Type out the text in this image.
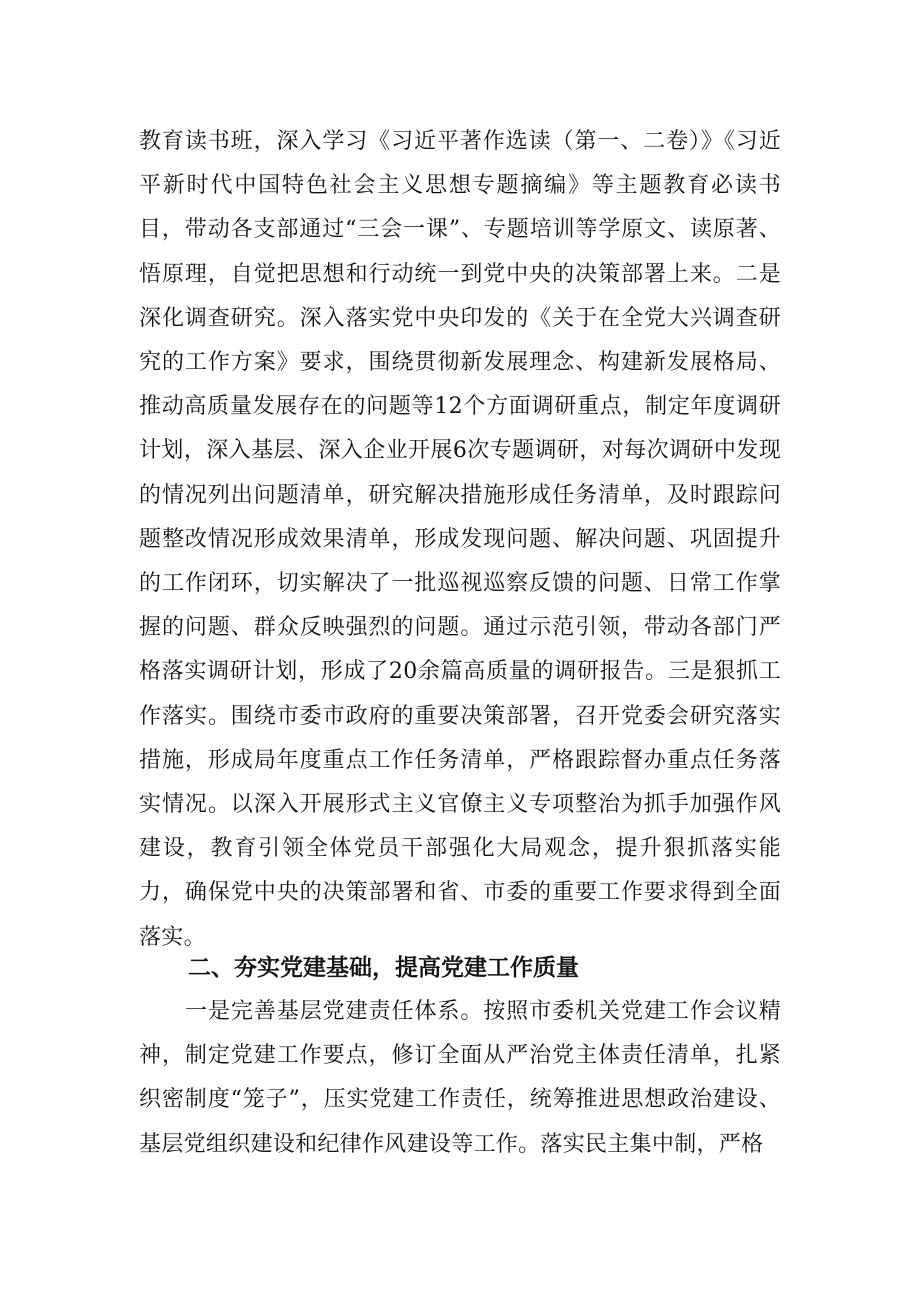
教育读书班，深入学习《习近平著作选读（第一、二卷）》《习近平新时代中国特色社会主义思想专题摘编》等主题教育必读书目，带动各支部通过“三会一课”、专题培训等学原文、读原著、悟原理，自觉把思想和行动统一到党中央的决策部署上来。二是深化调查研究。深入落实党中央印发的《关于在全党大兴调查研究的工作方案》要求，围绕贯彻新发展理念、构建新发展格局、推动高质量发展存在的问题等12个方面调研重点，制定年度调研计划，深入基层、深入企业开展6次专题调研，对每次调研中发现的情况列出问题清单，研究解决措施形成任务清单，及时跟踪问题整改情况形成效果清单，形成发现问题、解决问题、巩固提升的工作闭环，切实解决了一批巡视巡察反馈的问题、日常工作掌握的问题、群众反映强烈的问题。通过示范引领，带动各部门严格落实调研计划，形成了20余篇高质量的调研报告。三是狠抓工作落实。围绕市委市政府的重要决策部署，召开党委会研究落实措施，形成局年度重点工作任务清单，严格跟踪督办重点任务落实情况。以深入开展形式主义官僚主义专项整治为抓手加强作风建设，教育引领全体党员干部强化大局观念，提升狠抓落实能力，确保党中央的决策部署和省、市委的重要工作要求得到全面落实。

二、夯实党建基础，提高党建工作质量

一是完善基层党建责任体系。按照市委机关党建工作会议精神，制定党建工作要点，修订全面从严治党主体责任清单，扎紧织密制度“笼子”，压实党建工作责任，统筹推进思想政治建设、基层党组织建设和纪律作风建设等工作。落实民主集中制，严格
